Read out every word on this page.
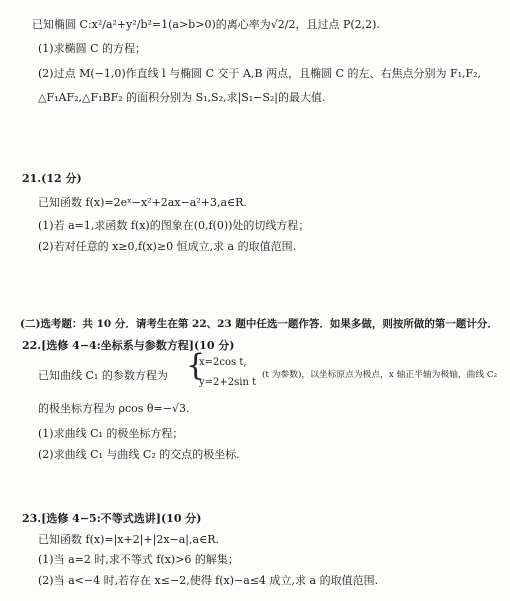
已知椭圆 C:x²/a²+y²/b²=1(a>b>0)的离心率为√2/2，且过点 P(2,2).
(1)求椭圆 C 的方程；
(2)过点 M(−1,0)作直线 l 与椭圆 C 交于 A,B 两点，且椭圆 C 的左、右焦点分别为 F₁,F₂,
△F₁AF₂,△F₁BF₂ 的面积分别为 S₁,S₂,求|S₁−S₂|的最大值.
21.(12 分)
已知函数 f(x)=2eˣ−x²+2ax−a²+3,a∈R.
(1)若 a=1,求函数 f(x)的图象在(0,f(0))处的切线方程；
(2)若对任意的 x≥0,f(x)≥0 恒成立,求 a 的取值范围.
(二)选考题：共 10 分．请考生在第 22、23 题中任选一题作答．如果多做，则按所做的第一题计分．
22.[选修 4−4:坐标系与参数方程](10 分)
已知曲线 C₁ 的参数方程为 {
x=2cos t,
y=2+2sin t
(t 为参数)，以坐标原点为极点，x 轴正半轴为极轴，曲线 C₂
的极坐标方程为 ρcos θ=−√3.
(1)求曲线 C₁ 的极坐标方程；
(2)求曲线 C₁ 与曲线 C₂ 的交点的极坐标.
23.[选修 4−5:不等式选讲](10 分)
已知函数 f(x)=|x+2|+|2x−a|,a∈R.
(1)当 a=2 时,求不等式 f(x)>6 的解集；
(2)当 a<−4 时,若存在 x≤−2,使得 f(x)−a≤4 成立,求 a 的取值范围.
